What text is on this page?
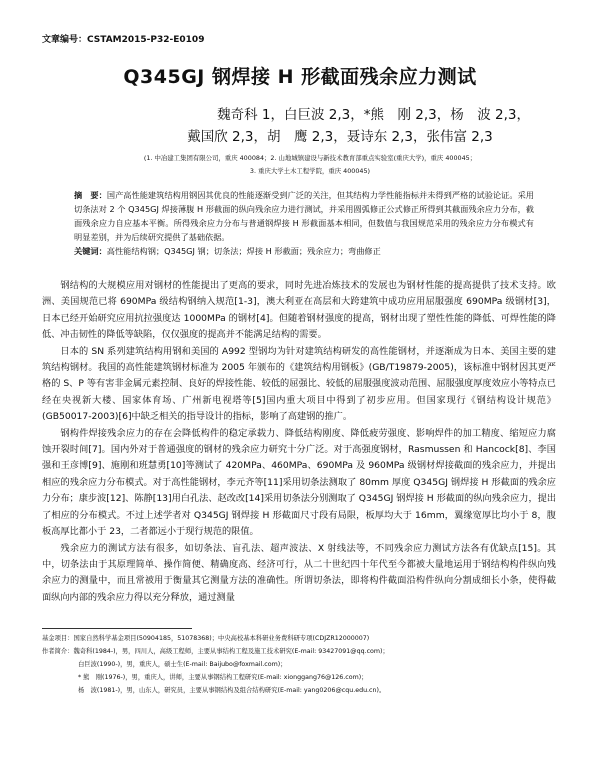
文章编号：CSTAM2015-P32-E0109
Q345GJ 钢焊接 H 形截面残余应力测试
魏奇科 1，白巨波 2,3，*熊　刚 2,3，杨　波 2,3，
戴国欣 2,3，胡　鹰 2,3，聂诗东 2,3，张伟富 2,3
(1. 中冶建工集团有限公司，重庆 400084；2. 山地城镇建设与新技术教育部重点实验室(重庆大学)，重庆 400045；
3. 重庆大学土木工程学院，重庆 400045)
摘　要：国产高性能建筑结构用钢因其优良的性能逐渐受到广泛的关注，但其结构力学性能指标并未得到严格的试验论证。采用切条法对 2 个 Q345GJ 焊接薄腹 H 形截面的纵向残余应力进行测试，并采用圆弧修正公式修正所得到其截面残余应力分布，截面残余应力自应基本平衡。所得残余应力分布与普通钢焊接 H 形截面基本相同，但数值与我国规范采用的残余应力分布模式有明显差别，并为后续研究提供了基础依据。
关键词：高性能结构钢；Q345GJ 钢；切条法；焊接 H 形截面；残余应力；弯曲修正

钢结构的大规模应用对钢材的性能提出了更高的要求，同时先进冶炼技术的发展也为钢材性能的提高提供了技术支持。欧洲、美国规范已将 690MPa 级结构钢纳入规范[1-3]，澳大利亚在高层和大跨建筑中成功应用屈服强度 690MPa 级钢材[3]，日本已经开始研究应用抗拉强度达 1000MPa 的钢材[4]。但随着钢材强度的提高，钢材出现了塑性性能的降低、可焊性能的降低、冲击韧性的降低等缺陷，仅仅强度的提高并不能满足结构的需要。

日本的 SN 系列建筑结构用钢和美国的 A992 型钢均为针对建筑结构研发的高性能钢材，并逐渐成为日本、美国主要的建筑结构钢材。我国的高性能建筑钢材标准为 2005 年颁布的《建筑结构用钢板》(GB/T19879-2005)，该标准中钢材因其更严格的 S、P 等有害非金属元素控制、良好的焊接性能、较低的屈强比、较低的屈服强度波动范围、屈服强度厚度效应小等特点已经在央视新大楼、国家体育场、广州新电视塔等[5]国内重大项目中得到了初步应用。但国家现行《钢结构设计规范》(GB50017-2003)[6]中缺乏相关的指导设计的指标，影响了高建钢的推广。

钢构件焊接残余应力的存在会降低构件的稳定承载力、降低结构刚度、降低疲劳强度、影响焊件的加工精度、缩短应力腐蚀开裂时间[7]。国内外对于普通强度的钢材的残余应力研究十分广泛。对于高强度钢材，Rasmussen 和 Hancock[8]、李国强和王彦博[9]、施刚和班慧勇[10]等测试了 420MPa、460MPa、690MPa 及 960MPa 级钢材焊接截面的残余应力，并提出相应的残余应力分布模式。对于高性能钢材，李元齐等[11]采用切条法测取了 80mm 厚度 Q345GJ 钢焊接 H 形截面的残余应力分布；康步波[12]、陈静[13]用白孔法、赵改改[14]采用切条法分别测取了 Q345GJ 钢焊接 H 形截面的纵向残余应力，提出了相应的分布模式。不过上述学者对 Q345GJ 钢焊接 H 形截面尺寸段有局限，板厚均大于 16mm，翼缘宽厚比均小于 8，腹板高厚比都小于 23，二者都远小于现行规范的限值。

残余应力的测试方法有很多，如切条法、盲孔法、超声波法、X 射线法等，不同残余应力测试方法各有优缺点[15]。其中，切条法由于其原理简单、操作简便、精确度高、经济可行，从二十世纪四十年代至今都被大量地运用于钢结构构件纵向残余应力的测量中，而且常被用于衡量其它测量方法的准确性。所谓切条法，即将构件截面沿构件纵向分割成细长小条，使得截面纵向内部的残余应力得以充分释放，通过测量

基金项目：国家自然科学基金项目(50904185，51078368)；中央高校基本科研业务费科研专项(CDJZR12000007)
作者简介：魏奇科(1984-)，男，四川人，高级工程师，主要从事结构工程及施工技术研究(E-mail: 93427091@qq.com)；
白巨波(1990-)，男，重庆人，硕士生(E-mail: Baijubo@foxmail.com)；
* 熊　刚(1976-)，男，重庆人，讲师，主要从事钢结构工程研究(E-mail: xionggang76@126.com)；
杨　波(1981-)，男，山东人，研究员，主要从事钢结构及组合结构研究(E-mail: yang0206@cqu.edu.cn)。
